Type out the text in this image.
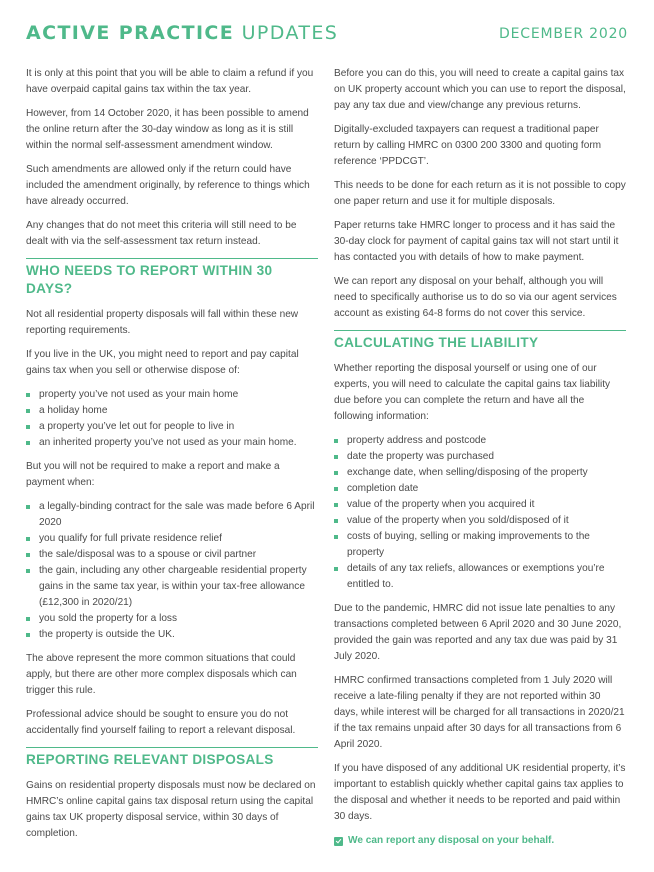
ACTIVE PRACTICE UPDATES	DECEMBER 2020

It is only at this point that you will be able to claim a refund if you have overpaid capital gains tax within the tax year.

However, from 14 October 2020, it has been possible to amend the online return after the 30-day window as long as it is still within the normal self-assessment amendment window.

Such amendments are allowed only if the return could have included the amendment originally, by reference to things which have already occurred.

Any changes that do not meet this criteria will still need to be dealt with via the self-assessment tax return instead.

WHO NEEDS TO REPORT WITHIN 30 DAYS?

Not all residential property disposals will fall within these new reporting requirements.

If you live in the UK, you might need to report and pay capital gains tax when you sell or otherwise dispose of:

property you’ve not used as your main home
a holiday home
a property you’ve let out for people to live in
an inherited property you’ve not used as your main home.

But you will not be required to make a report and make a payment when:

a legally-binding contract for the sale was made before 6 April 2020
you qualify for full private residence relief
the sale/disposal was to a spouse or civil partner
the gain, including any other chargeable residential property gains in the same tax year, is within your tax-free allowance (£12,300 in 2020/21)
you sold the property for a loss
the property is outside the UK.

The above represent the more common situations that could apply, but there are other more complex disposals which can trigger this rule.

Professional advice should be sought to ensure you do not accidentally find yourself failing to report a relevant disposal.

REPORTING RELEVANT DISPOSALS

Gains on residential property disposals must now be declared on HMRC’s online capital gains tax disposal return using the capital gains tax UK property disposal service, within 30 days of completion.

Before you can do this, you will need to create a capital gains tax on UK property account which you can use to report the disposal, pay any tax due and view/change any previous returns.

Digitally-excluded taxpayers can request a traditional paper return by calling HMRC on 0300 200 3300 and quoting form reference ‘PPDCGT’.

This needs to be done for each return as it is not possible to copy one paper return and use it for multiple disposals.

Paper returns take HMRC longer to process and it has said the 30-day clock for payment of capital gains tax will not start until it has contacted you with details of how to make payment.

We can report any disposal on your behalf, although you will need to specifically authorise us to do so via our agent services account as existing 64-8 forms do not cover this service.

CALCULATING THE LIABILITY

Whether reporting the disposal yourself or using one of our experts, you will need to calculate the capital gains tax liability due before you can complete the return and have all the following information:

property address and postcode
date the property was purchased
exchange date, when selling/disposing of the property
completion date
value of the property when you acquired it
value of the property when you sold/disposed of it
costs of buying, selling or making improvements to the property
details of any tax reliefs, allowances or exemptions you’re entitled to.

Due to the pandemic, HMRC did not issue late penalties to any transactions completed between 6 April 2020 and 30 June 2020, provided the gain was reported and any tax due was paid by 31 July 2020.

HMRC confirmed transactions completed from 1 July 2020 will receive a late-filing penalty if they are not reported within 30 days, while interest will be charged for all transactions in 2020/21 if the tax remains unpaid after 30 days for all transactions from 6 April 2020.

If you have disposed of any additional UK residential property, it’s important to establish quickly whether capital gains tax applies to the disposal and whether it needs to be reported and paid within 30 days.

We can report any disposal on your behalf.
